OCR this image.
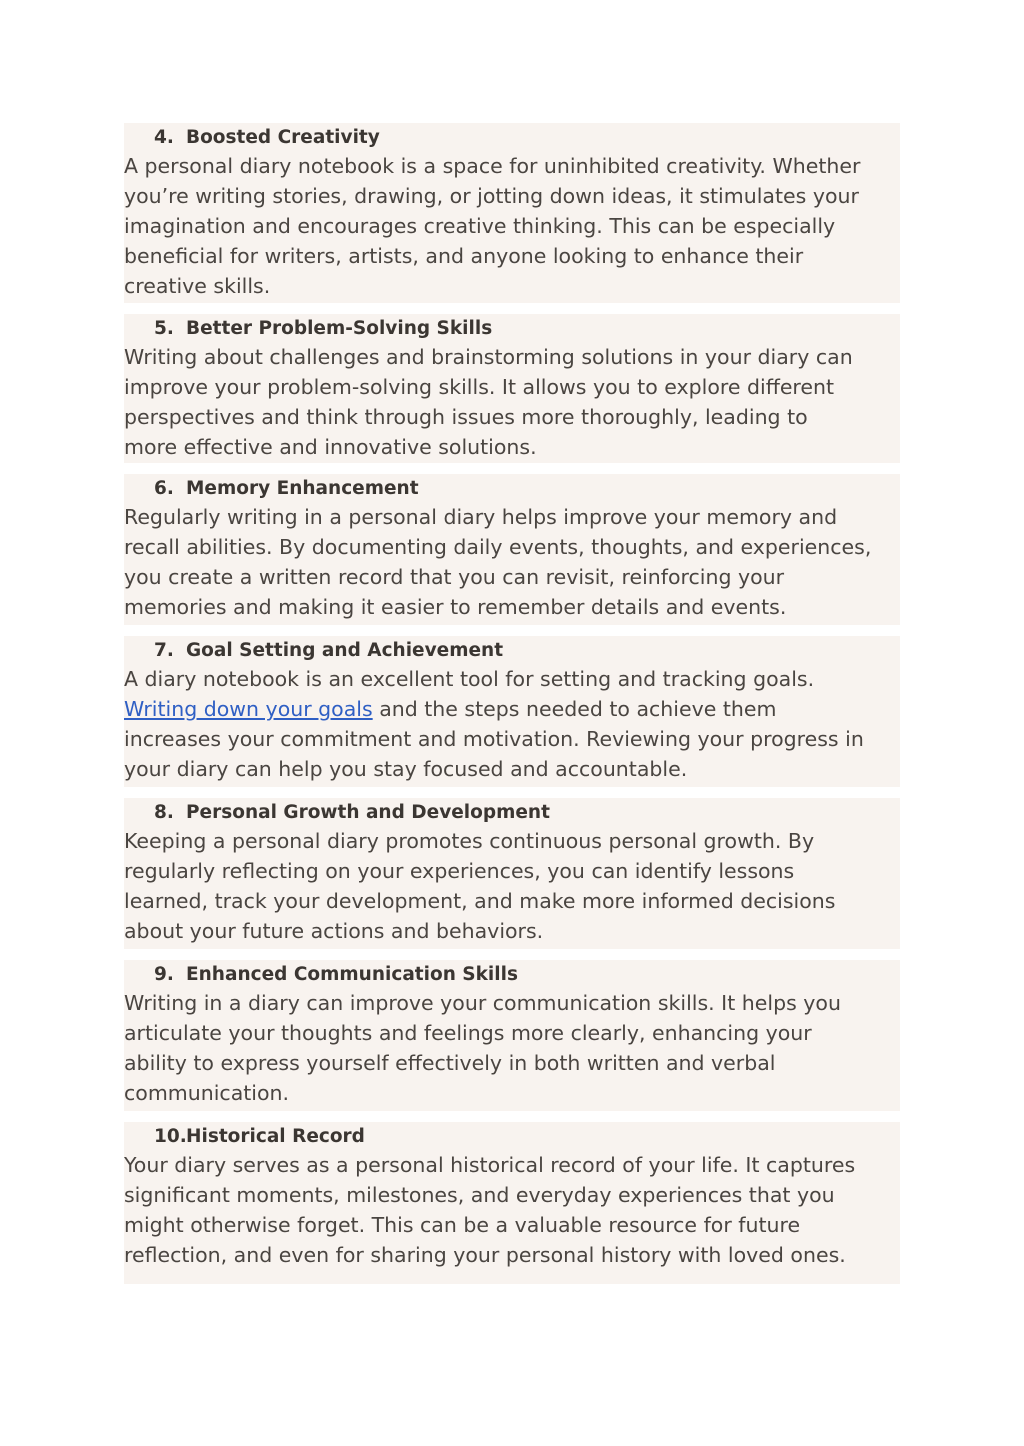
4. Boosted Creativity
A personal diary notebook is a space for uninhibited creativity. Whether
you’re writing stories, drawing, or jotting down ideas, it stimulates your
imagination and encourages creative thinking. This can be especially
beneficial for writers, artists, and anyone looking to enhance their
creative skills.
5. Better Problem-Solving Skills
Writing about challenges and brainstorming solutions in your diary can
improve your problem-solving skills. It allows you to explore different
perspectives and think through issues more thoroughly, leading to
more effective and innovative solutions.
6. Memory Enhancement
Regularly writing in a personal diary helps improve your memory and
recall abilities. By documenting daily events, thoughts, and experiences,
you create a written record that you can revisit, reinforcing your
memories and making it easier to remember details and events.
7. Goal Setting and Achievement
A diary notebook is an excellent tool for setting and tracking goals.
Writing down your goals and the steps needed to achieve them
increases your commitment and motivation. Reviewing your progress in
your diary can help you stay focused and accountable.
8. Personal Growth and Development
Keeping a personal diary promotes continuous personal growth. By
regularly reflecting on your experiences, you can identify lessons
learned, track your development, and make more informed decisions
about your future actions and behaviors.
9. Enhanced Communication Skills
Writing in a diary can improve your communication skills. It helps you
articulate your thoughts and feelings more clearly, enhancing your
ability to express yourself effectively in both written and verbal
communication.
10. Historical Record
Your diary serves as a personal historical record of your life. It captures
significant moments, milestones, and everyday experiences that you
might otherwise forget. This can be a valuable resource for future
reflection, and even for sharing your personal history with loved ones.
